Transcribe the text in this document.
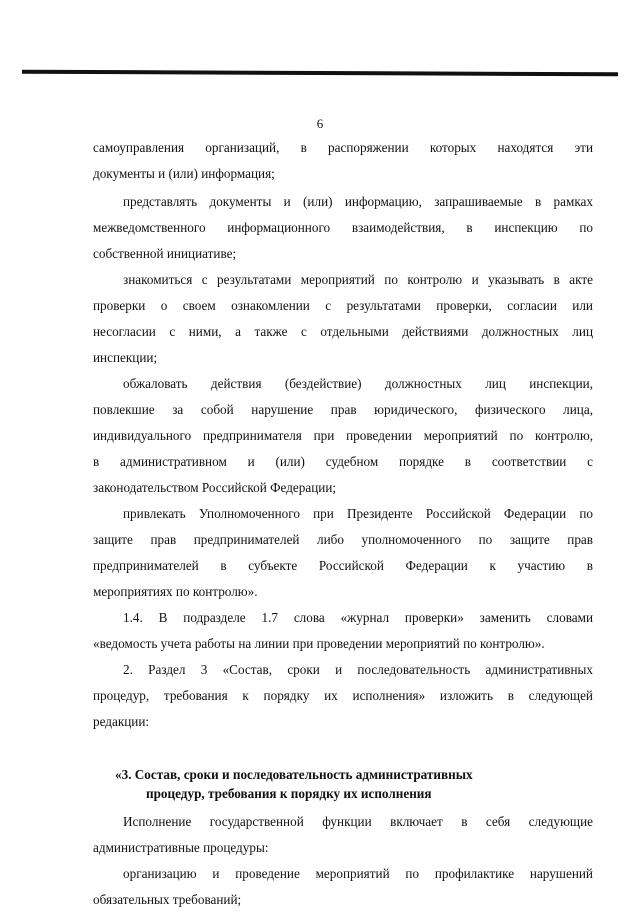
6

самоуправления организаций, в распоряжении которых находятся эти
документы и (или) информация;

представлять документы и (или) информацию, запрашиваемые в рамках
межведомственного информационного взаимодействия, в инспекцию по
собственной инициативе;

знакомиться с результатами мероприятий по контролю и указывать в акте
проверки о своем ознакомлении с результатами проверки, согласии или
несогласии с ними, а также с отдельными действиями должностных лиц
инспекции;

обжаловать действия (бездействие) должностных лиц инспекции,
повлекшие за собой нарушение прав юридического, физического лица,
индивидуального предпринимателя при проведении мероприятий по контролю,
в административном и (или) судебном порядке в соответствии с
законодательством Российской Федерации;

привлекать Уполномоченного при Президенте Российской Федерации по
защите прав предпринимателей либо уполномоченного по защите прав
предпринимателей в субъекте Российской Федерации к участию в
мероприятиях по контролю».

1.4. В подразделе 1.7 слова «журнал проверки» заменить словами
«ведомость учета работы на линии при проведении мероприятий по контролю».

2. Раздел 3 «Состав, сроки и последовательность административных
процедур, требования к порядку их исполнения» изложить в следующей
редакции:

«3. Состав, сроки и последовательность административных
процедур, требования к порядку их исполнения

Исполнение государственной функции включает в себя следующие
административные процедуры:

организацию и проведение мероприятий по профилактике нарушений
обязательных требований;
